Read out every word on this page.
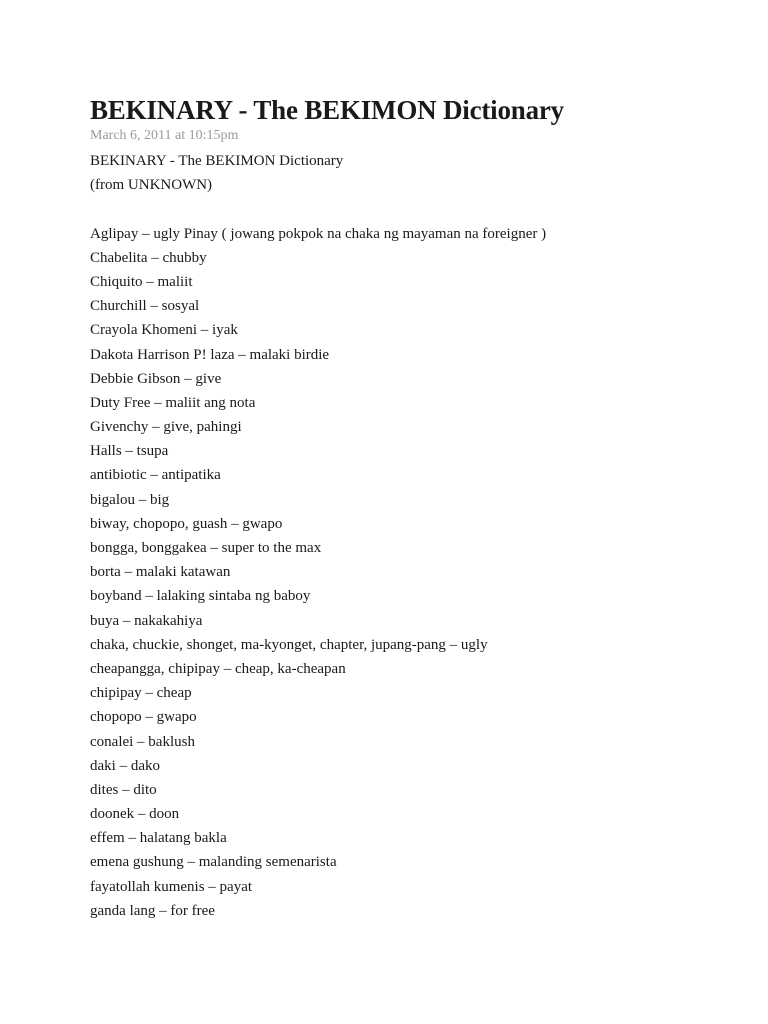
BEKINARY - The BEKIMON Dictionary
March 6, 2011 at 10:15pm
BEKINARY - The BEKIMON Dictionary
(from UNKNOWN)
Aglipay – ugly Pinay ( jowang pokpok na chaka ng mayaman na foreigner )
Chabelita – chubby
Chiquito – maliit
Churchill – sosyal
Crayola Khomeni – iyak
Dakota Harrison P! laza – malaki birdie
Debbie Gibson – give
Duty Free – maliit ang nota
Givenchy – give, pahingi
Halls – tsupa
antibiotic – antipatika
bigalou – big
biway, chopopo, guash – gwapo
bongga, bonggakea – super to the max
borta – malaki katawan
boyband – lalaking sintaba ng baboy
buya – nakakahiya
chaka, chuckie, shonget, ma-kyonget, chapter, jupang-pang – ugly
cheapangga, chipipay – cheap, ka-cheapan
chipipay – cheap
chopopo – gwapo
conalei – baklush
daki – dako
dites – dito
doonek – doon
effem – halatang bakla
emena gushung – malanding semenarista
fayatollah kumenis – payat
ganda lang – for free
